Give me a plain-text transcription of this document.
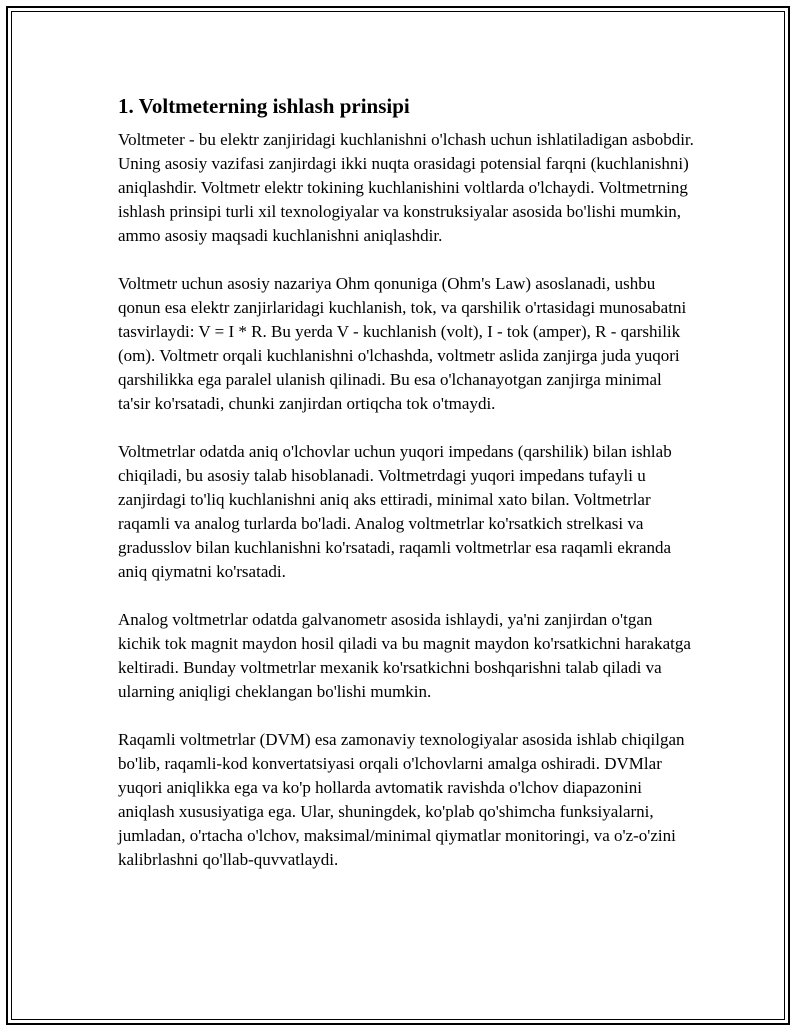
1. Voltmeterning ishlash prinsipi

Voltmeter - bu elektr zanjiridagi kuchlanishni o'lchash uchun ishlatiladigan asbobdir. Uning asosiy vazifasi zanjirdagi ikki nuqta orasidagi potensial farqni (kuchlanishni) aniqlashdir. Voltmetr elektr tokining kuchlanishini voltlarda o'lchaydi. Voltmetrning ishlash prinsipi turli xil texnologiyalar va konstruksiyalar asosida bo'lishi mumkin, ammo asosiy maqsadi kuchlanishni aniqlashdir.

Voltmetr uchun asosiy nazariya Ohm qonuniga (Ohm's Law) asoslanadi, ushbu qonun esa elektr zanjirlaridagi kuchlanish, tok, va qarshilik o'rtasidagi munosabatni tasvirlaydi: V = I * R. Bu yerda V - kuchlanish (volt), I - tok (amper), R - qarshilik (om). Voltmetr orqali kuchlanishni o'lchashda, voltmetr aslida zanjirga juda yuqori qarshilikka ega paralel ulanish qilinadi. Bu esa o'lchanayotgan zanjirga minimal ta'sir ko'rsatadi, chunki zanjirdan ortiqcha tok o'tmaydi.

Voltmetrlar odatda aniq o'lchovlar uchun yuqori impedans (qarshilik) bilan ishlab chiqiladi, bu asosiy talab hisoblanadi. Voltmetrdagi yuqori impedans tufayli u zanjirdagi to'liq kuchlanishni aniq aks ettiradi, minimal xato bilan. Voltmetrlar raqamli va analog turlarda bo'ladi. Analog voltmetrlar ko'rsatkich strelkasi va gradusslov bilan kuchlanishni ko'rsatadi, raqamli voltmetrlar esa raqamli ekranda aniq qiymatni ko'rsatadi.

Analog voltmetrlar odatda galvanometr asosida ishlaydi, ya'ni zanjirdan o'tgan kichik tok magnit maydon hosil qiladi va bu magnit maydon ko'rsatkichni harakatga keltiradi. Bunday voltmetrlar mexanik ko'rsatkichni boshqarishni talab qiladi va ularning aniqligi cheklangan bo'lishi mumkin.

Raqamli voltmetrlar (DVM) esa zamonaviy texnologiyalar asosida ishlab chiqilgan bo'lib, raqamli-kod konvertatsiyasi orqali o'lchovlarni amalga oshiradi. DVMlar yuqori aniqlikka ega va ko'p hollarda avtomatik ravishda o'lchov diapazonini aniqlash xususiyatiga ega. Ular, shuningdek, ko'plab qo'shimcha funksiyalarni, jumladan, o'rtacha o'lchov, maksimal/minimal qiymatlar monitoringi, va o'z-o'zini kalibrlashni qo'llab-quvvatlaydi.
